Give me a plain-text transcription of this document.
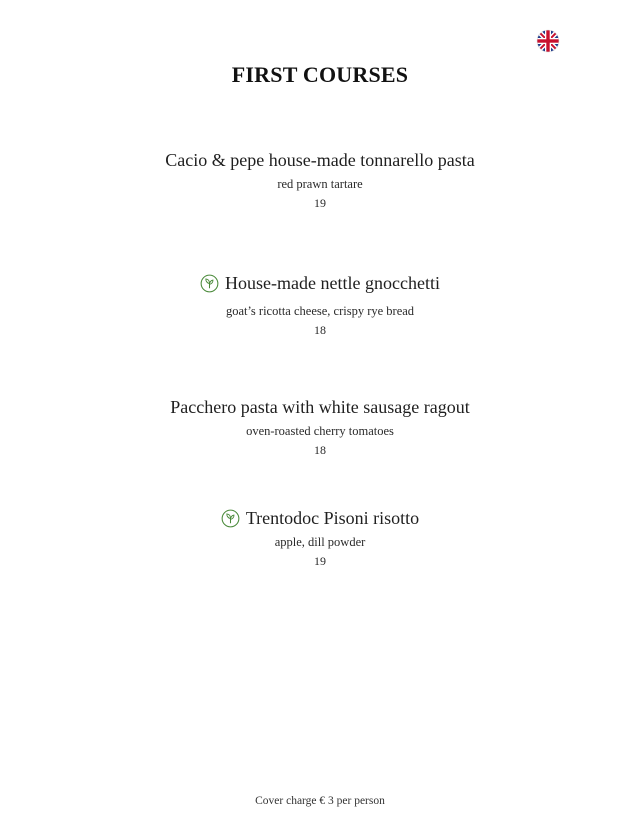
FIRST COURSES
Cacio & pepe house-made tonnarello pasta
red prawn tartare
19
House-made nettle gnocchetti
goat’s ricotta cheese, crispy rye bread
18
Pacchero pasta with white sausage ragout
oven-roasted cherry tomatoes
18
Trentodoc Pisoni risotto
apple, dill powder
19
Cover charge € 3 per person
